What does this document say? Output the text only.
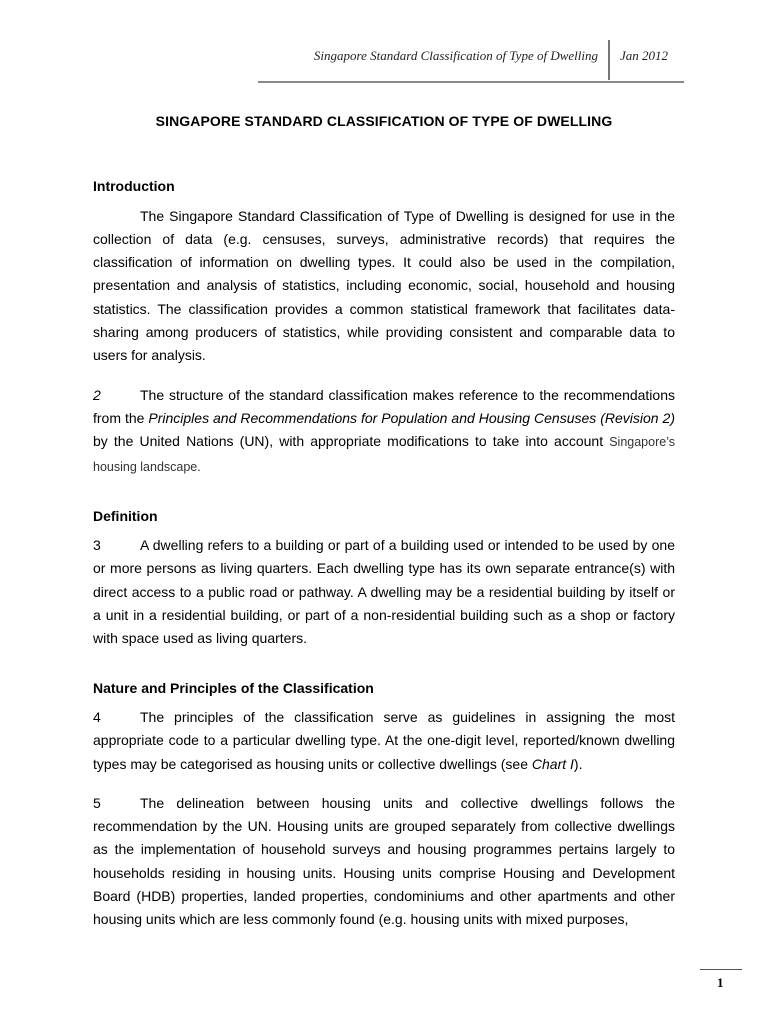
Singapore Standard Classification of Type of Dwelling Jan 2012
SINGAPORE STANDARD CLASSIFICATION OF TYPE OF DWELLING
Introduction

The Singapore Standard Classification of Type of Dwelling is designed for use in the collection of data (e.g. censuses, surveys, administrative records) that requires the classification of information on dwelling types. It could also be used in the compilation, presentation and analysis of statistics, including economic, social, household and housing statistics. The classification provides a common statistical framework that facilitates data-sharing among producers of statistics, while providing consistent and comparable data to users for analysis.

2	The structure of the standard classification makes reference to the recommendations from the Principles and Recommendations for Population and Housing Censuses (Revision 2) by the United Nations (UN), with appropriate modifications to take into account Singapore’s housing landscape.

Definition

3	A dwelling refers to a building or part of a building used or intended to be used by one or more persons as living quarters. Each dwelling type has its own separate entrance(s) with direct access to a public road or pathway. A dwelling may be a residential building by itself or a unit in a residential building, or part of a non-residential building such as a shop or factory with space used as living quarters.

Nature and Principles of the Classification

4	The principles of the classification serve as guidelines in assigning the most appropriate code to a particular dwelling type. At the one-digit level, reported/known dwelling types may be categorised as housing units or collective dwellings (see Chart I).

5	The delineation between housing units and collective dwellings follows the recommendation by the UN. Housing units are grouped separately from collective dwellings as the implementation of household surveys and housing programmes pertains largely to households residing in housing units. Housing units comprise Housing and Development Board (HDB) properties, landed properties, condominiums and other apartments and other housing units which are less commonly found (e.g. housing units with mixed purposes,

1
